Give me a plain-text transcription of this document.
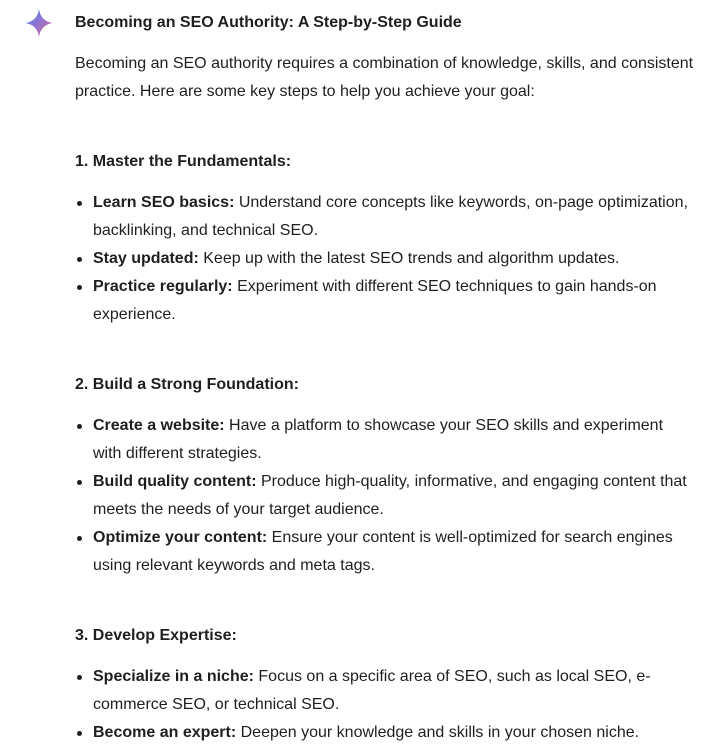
Becoming an SEO Authority: A Step-by-Step Guide

Becoming an SEO authority requires a combination of knowledge, skills, and consistent practice. Here are some key steps to help you achieve your goal:

1. Master the Fundamentals:
Learn SEO basics: Understand core concepts like keywords, on-page optimization, backlinking, and technical SEO.
Stay updated: Keep up with the latest SEO trends and algorithm updates.
Practice regularly: Experiment with different SEO techniques to gain hands-on experience.
2. Build a Strong Foundation:
Create a website: Have a platform to showcase your SEO skills and experiment with different strategies.
Build quality content: Produce high-quality, informative, and engaging content that meets the needs of your target audience.
Optimize your content: Ensure your content is well-optimized for search engines using relevant keywords and meta tags.
3. Develop Expertise:
Specialize in a niche: Focus on a specific area of SEO, such as local SEO, e-commerce SEO, or technical SEO.
Become an expert: Deepen your knowledge and skills in your chosen niche.
